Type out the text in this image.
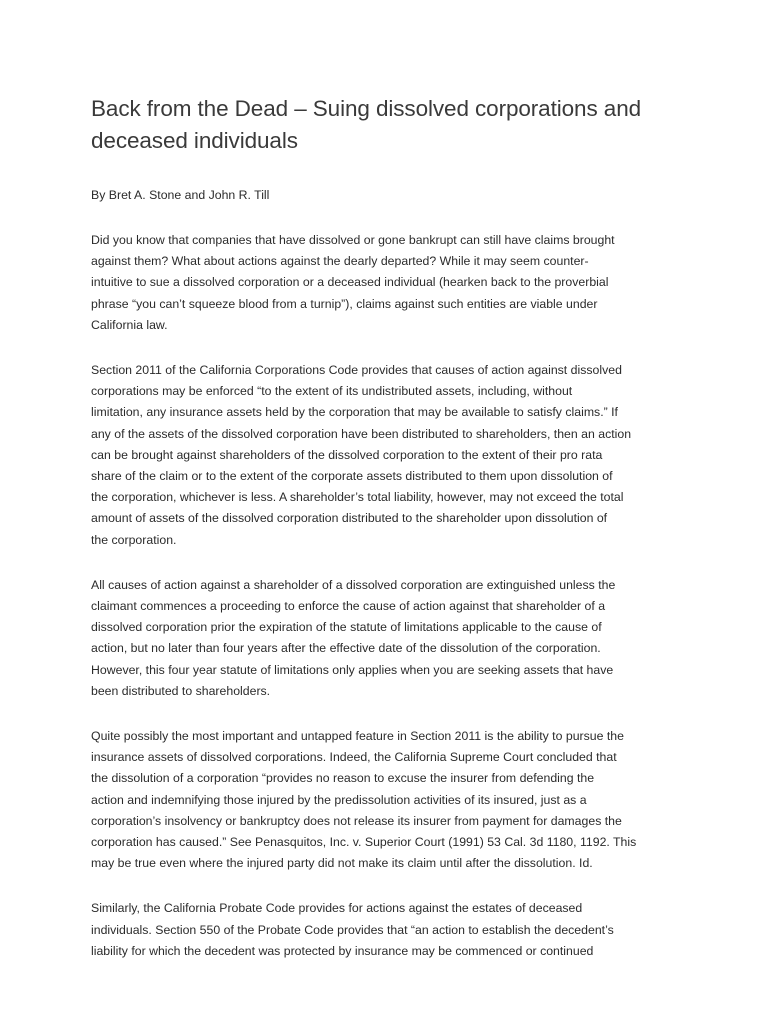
Back from the Dead – Suing dissolved corporations and
deceased individuals

By Bret A. Stone and John R. Till

Did you know that companies that have dissolved or gone bankrupt can still have claims brought
against them? What about actions against the dearly departed? While it may seem counter-
intuitive to sue a dissolved corporation or a deceased individual (hearken back to the proverbial
phrase “you can’t squeeze blood from a turnip”), claims against such entities are viable under
California law.

Section 2011 of the California Corporations Code provides that causes of action against dissolved
corporations may be enforced “to the extent of its undistributed assets, including, without
limitation, any insurance assets held by the corporation that may be available to satisfy claims.” If
any of the assets of the dissolved corporation have been distributed to shareholders, then an action
can be brought against shareholders of the dissolved corporation to the extent of their pro rata
share of the claim or to the extent of the corporate assets distributed to them upon dissolution of
the corporation, whichever is less. A shareholder’s total liability, however, may not exceed the total
amount of assets of the dissolved corporation distributed to the shareholder upon dissolution of
the corporation.

All causes of action against a shareholder of a dissolved corporation are extinguished unless the
claimant commences a proceeding to enforce the cause of action against that shareholder of a
dissolved corporation prior the expiration of the statute of limitations applicable to the cause of
action, but no later than four years after the effective date of the dissolution of the corporation.
However, this four year statute of limitations only applies when you are seeking assets that have
been distributed to shareholders.

Quite possibly the most important and untapped feature in Section 2011 is the ability to pursue the
insurance assets of dissolved corporations. Indeed, the California Supreme Court concluded that
the dissolution of a corporation “provides no reason to excuse the insurer from defending the
action and indemnifying those injured by the predissolution activities of its insured, just as a
corporation’s insolvency or bankruptcy does not release its insurer from payment for damages the
corporation has caused.” See Penasquitos, Inc. v. Superior Court (1991) 53 Cal. 3d 1180, 1192. This
may be true even where the injured party did not make its claim until after the dissolution. Id.

Similarly, the California Probate Code provides for actions against the estates of deceased
individuals. Section 550 of the Probate Code provides that “an action to establish the decedent’s
liability for which the decedent was protected by insurance may be commenced or continued
